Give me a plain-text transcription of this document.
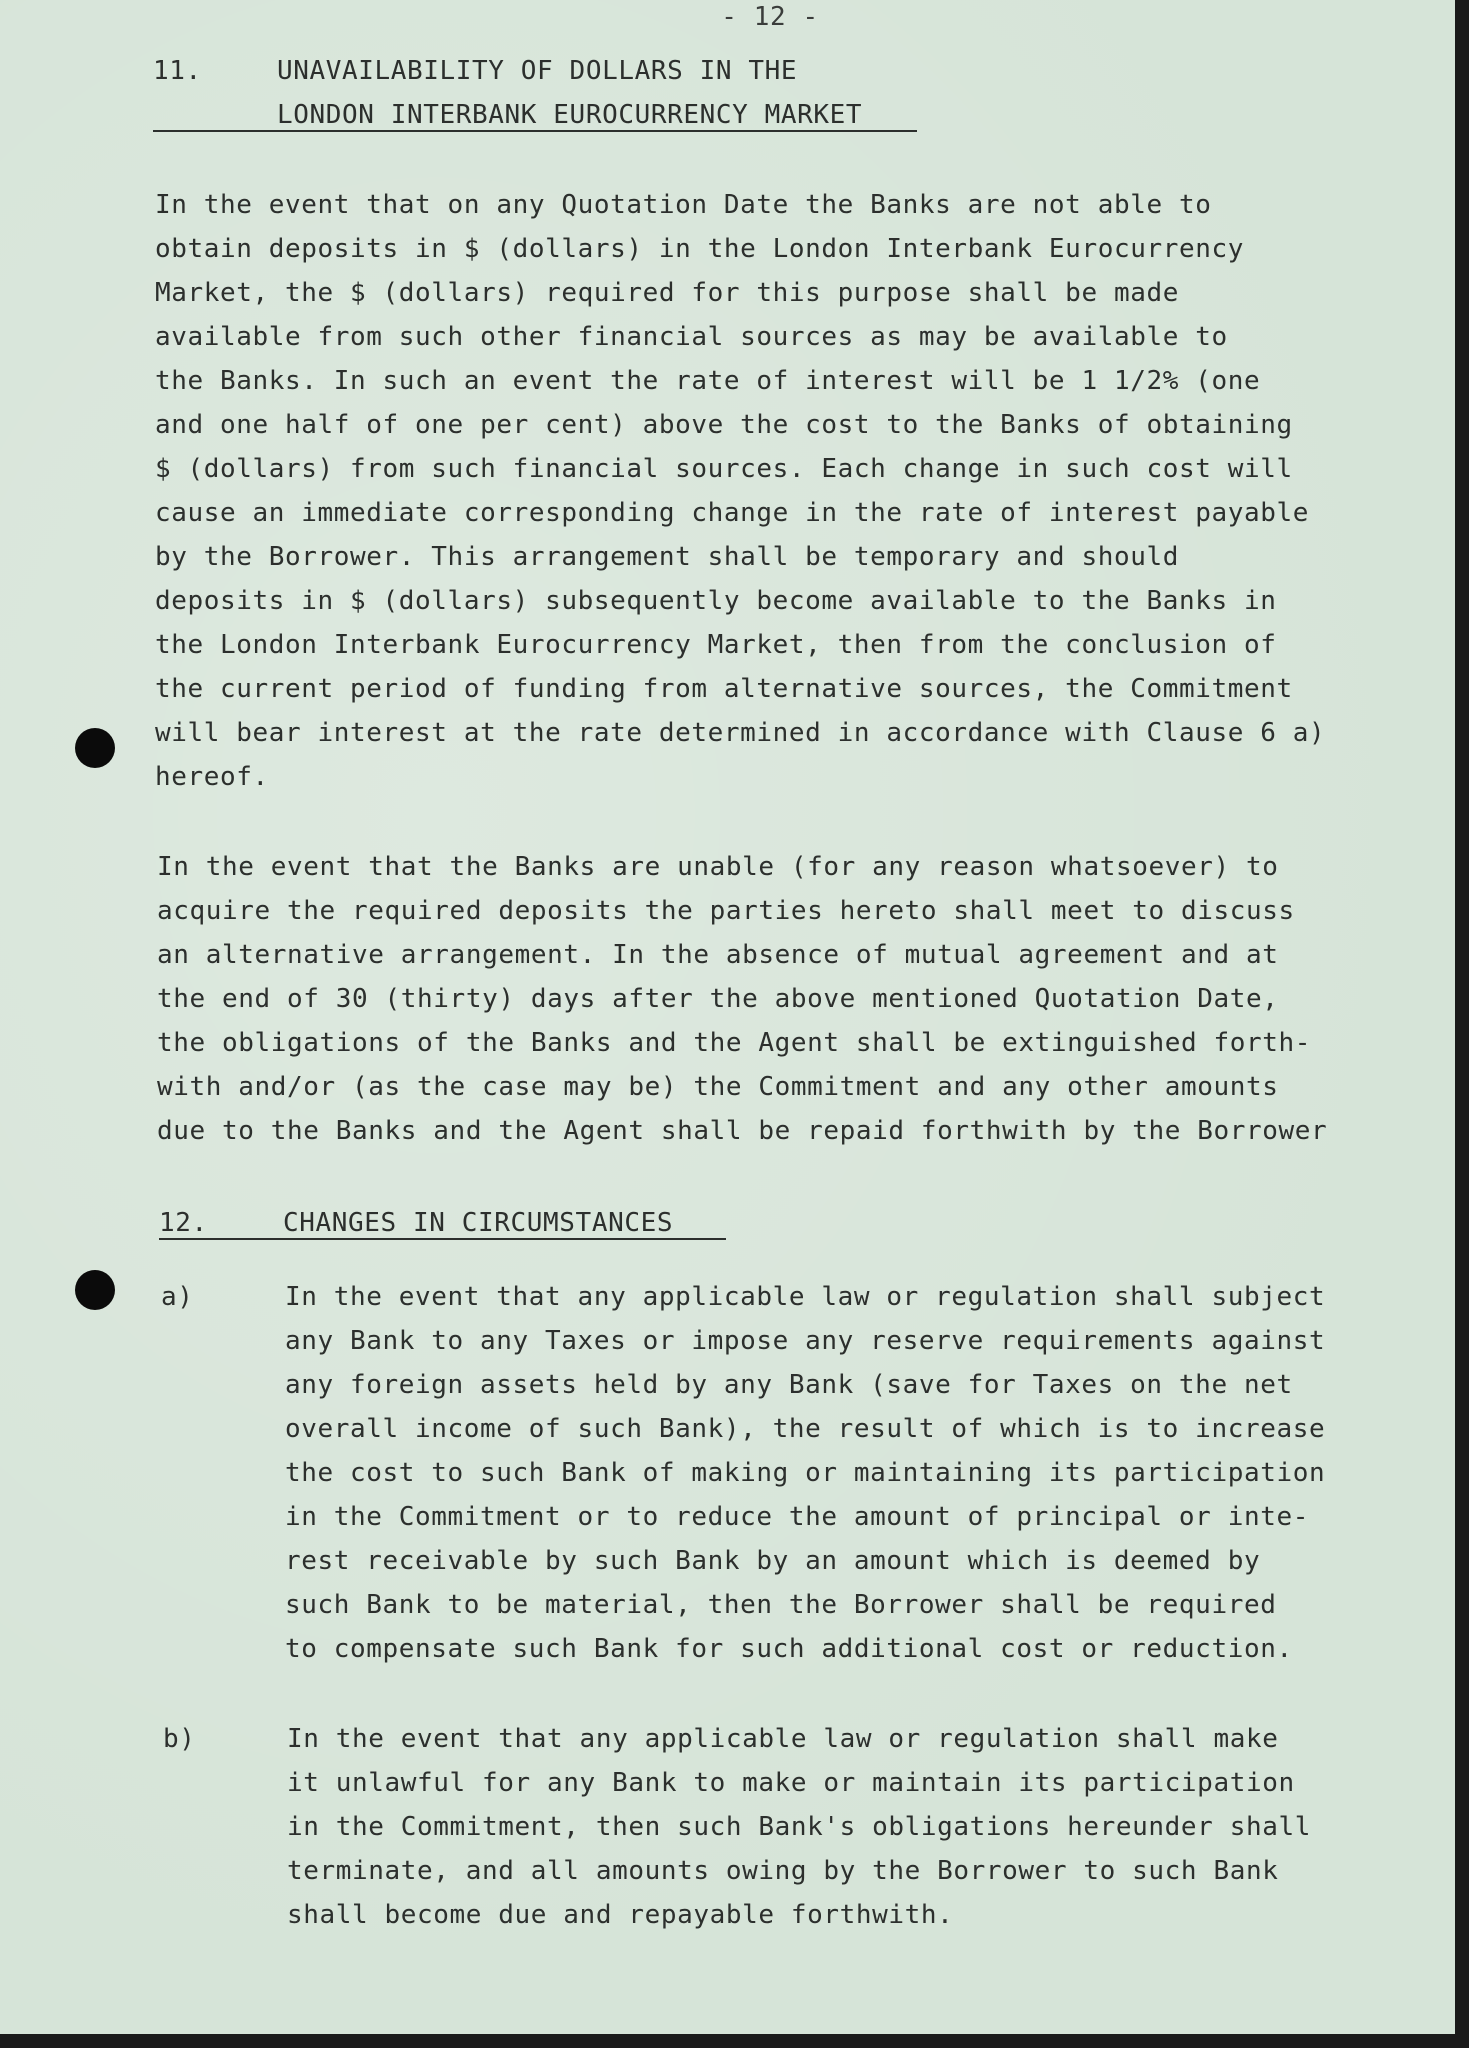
- 12 -
11.	UNAVAILABILITY OF DOLLARS IN THE
LONDON INTERBANK EUROCURRENCY MARKET
In the event that on any Quotation Date the Banks are not able to
obtain deposits in $ (dollars) in the London Interbank Eurocurrency
Market, the $ (dollars) required for this purpose shall be made
available from such other financial sources as may be available to
the Banks. In such an event the rate of interest will be 1 1/2% (one
and one half of one per cent) above the cost to the Banks of obtaining
$ (dollars) from such financial sources. Each change in such cost will
cause an immediate corresponding change in the rate of interest payable
by the Borrower. This arrangement shall be temporary and should
deposits in $ (dollars) subsequently become available to the Banks in
the London Interbank Eurocurrency Market, then from the conclusion of
the current period of funding from alternative sources, the Commitment
will bear interest at the rate determined in accordance with Clause 6 a)
hereof.
In the event that the Banks are unable (for any reason whatsoever) to
acquire the required deposits the parties hereto shall meet to discuss
an alternative arrangement. In the absence of mutual agreement and at
the end of 30 (thirty) days after the above mentioned Quotation Date,
the obligations of the Banks and the Agent shall be extinguished forth-
with and/or (as the case may be) the Commitment and any other amounts
due to the Banks and the Agent shall be repaid forthwith by the Borrower
12.	CHANGES IN CIRCUMSTANCES
a)	In the event that any applicable law or regulation shall subject
any Bank to any Taxes or impose any reserve requirements against
any foreign assets held by any Bank (save for Taxes on the net
overall income of such Bank), the result of which is to increase
the cost to such Bank of making or maintaining its participation
in the Commitment or to reduce the amount of principal or inte-
rest receivable by such Bank by an amount which is deemed by
such Bank to be material, then the Borrower shall be required
to compensate such Bank for such additional cost or reduction.
b)	In the event that any applicable law or regulation shall make
it unlawful for any Bank to make or maintain its participation
in the Commitment, then such Bank's obligations hereunder shall
terminate, and all amounts owing by the Borrower to such Bank
shall become due and repayable forthwith.
